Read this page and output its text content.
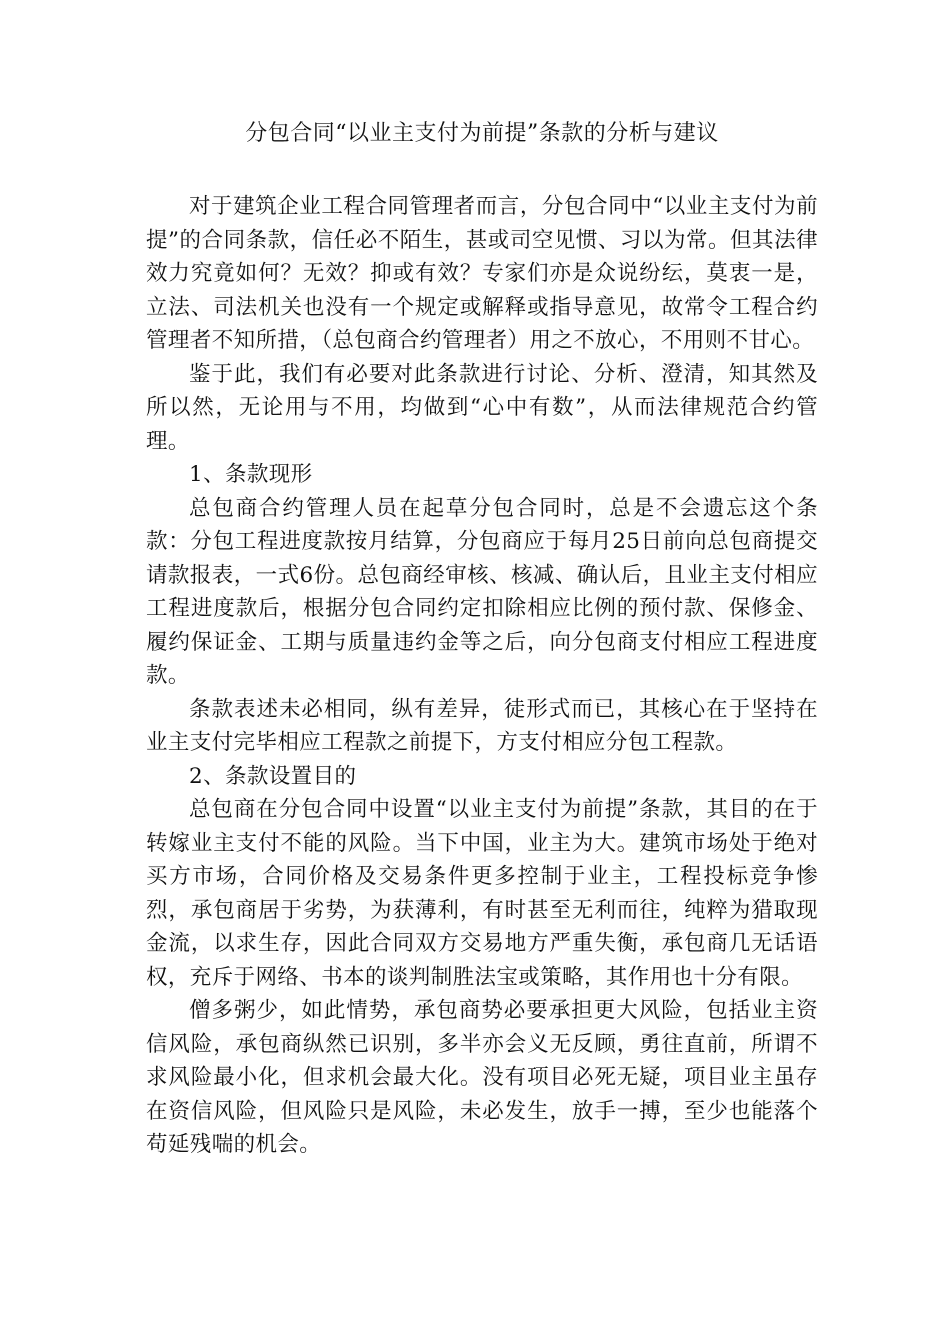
分包合同“以业主支付为前提”条款的分析与建议

对于建筑企业工程合同管理者而言，分包合同中“以业主支付为前提”的合同条款，信任必不陌生，甚或司空见惯、习以为常。但其法律效力究竟如何？无效？抑或有效？专家们亦是众说纷纭，莫衷一是，立法、司法机关也没有一个规定或解释或指导意见，故常令工程合约管理者不知所措，（总包商合约管理者）用之不放心，不用则不甘心。

鉴于此，我们有必要对此条款进行讨论、分析、澄清，知其然及所以然，无论用与不用，均做到“心中有数”，从而法律规范合约管理。

1、条款现形

总包商合约管理人员在起草分包合同时，总是不会遗忘这个条款：分包工程进度款按月结算，分包商应于每月25日前向总包商提交请款报表，一式6份。总包商经审核、核减、确认后，且业主支付相应工程进度款后，根据分包合同约定扣除相应比例的预付款、保修金、履约保证金、工期与质量违约金等之后，向分包商支付相应工程进度款。

条款表述未必相同，纵有差异，徒形式而已，其核心在于坚持在业主支付完毕相应工程款之前提下，方支付相应分包工程款。

2、条款设置目的

总包商在分包合同中设置“以业主支付为前提”条款，其目的在于转嫁业主支付不能的风险。当下中国，业主为大。建筑市场处于绝对买方市场，合同价格及交易条件更多控制于业主，工程投标竞争惨烈，承包商居于劣势，为获薄利，有时甚至无利而往，纯粹为猎取现金流，以求生存，因此合同双方交易地方严重失衡，承包商几无话语权，充斥于网络、书本的谈判制胜法宝或策略，其作用也十分有限。

僧多粥少，如此情势，承包商势必要承担更大风险，包括业主资信风险，承包商纵然已识别，多半亦会义无反顾，勇往直前，所谓不求风险最小化，但求机会最大化。没有项目必死无疑，项目业主虽存在资信风险，但风险只是风险，未必发生，放手一搏，至少也能落个苟延残喘的机会。
